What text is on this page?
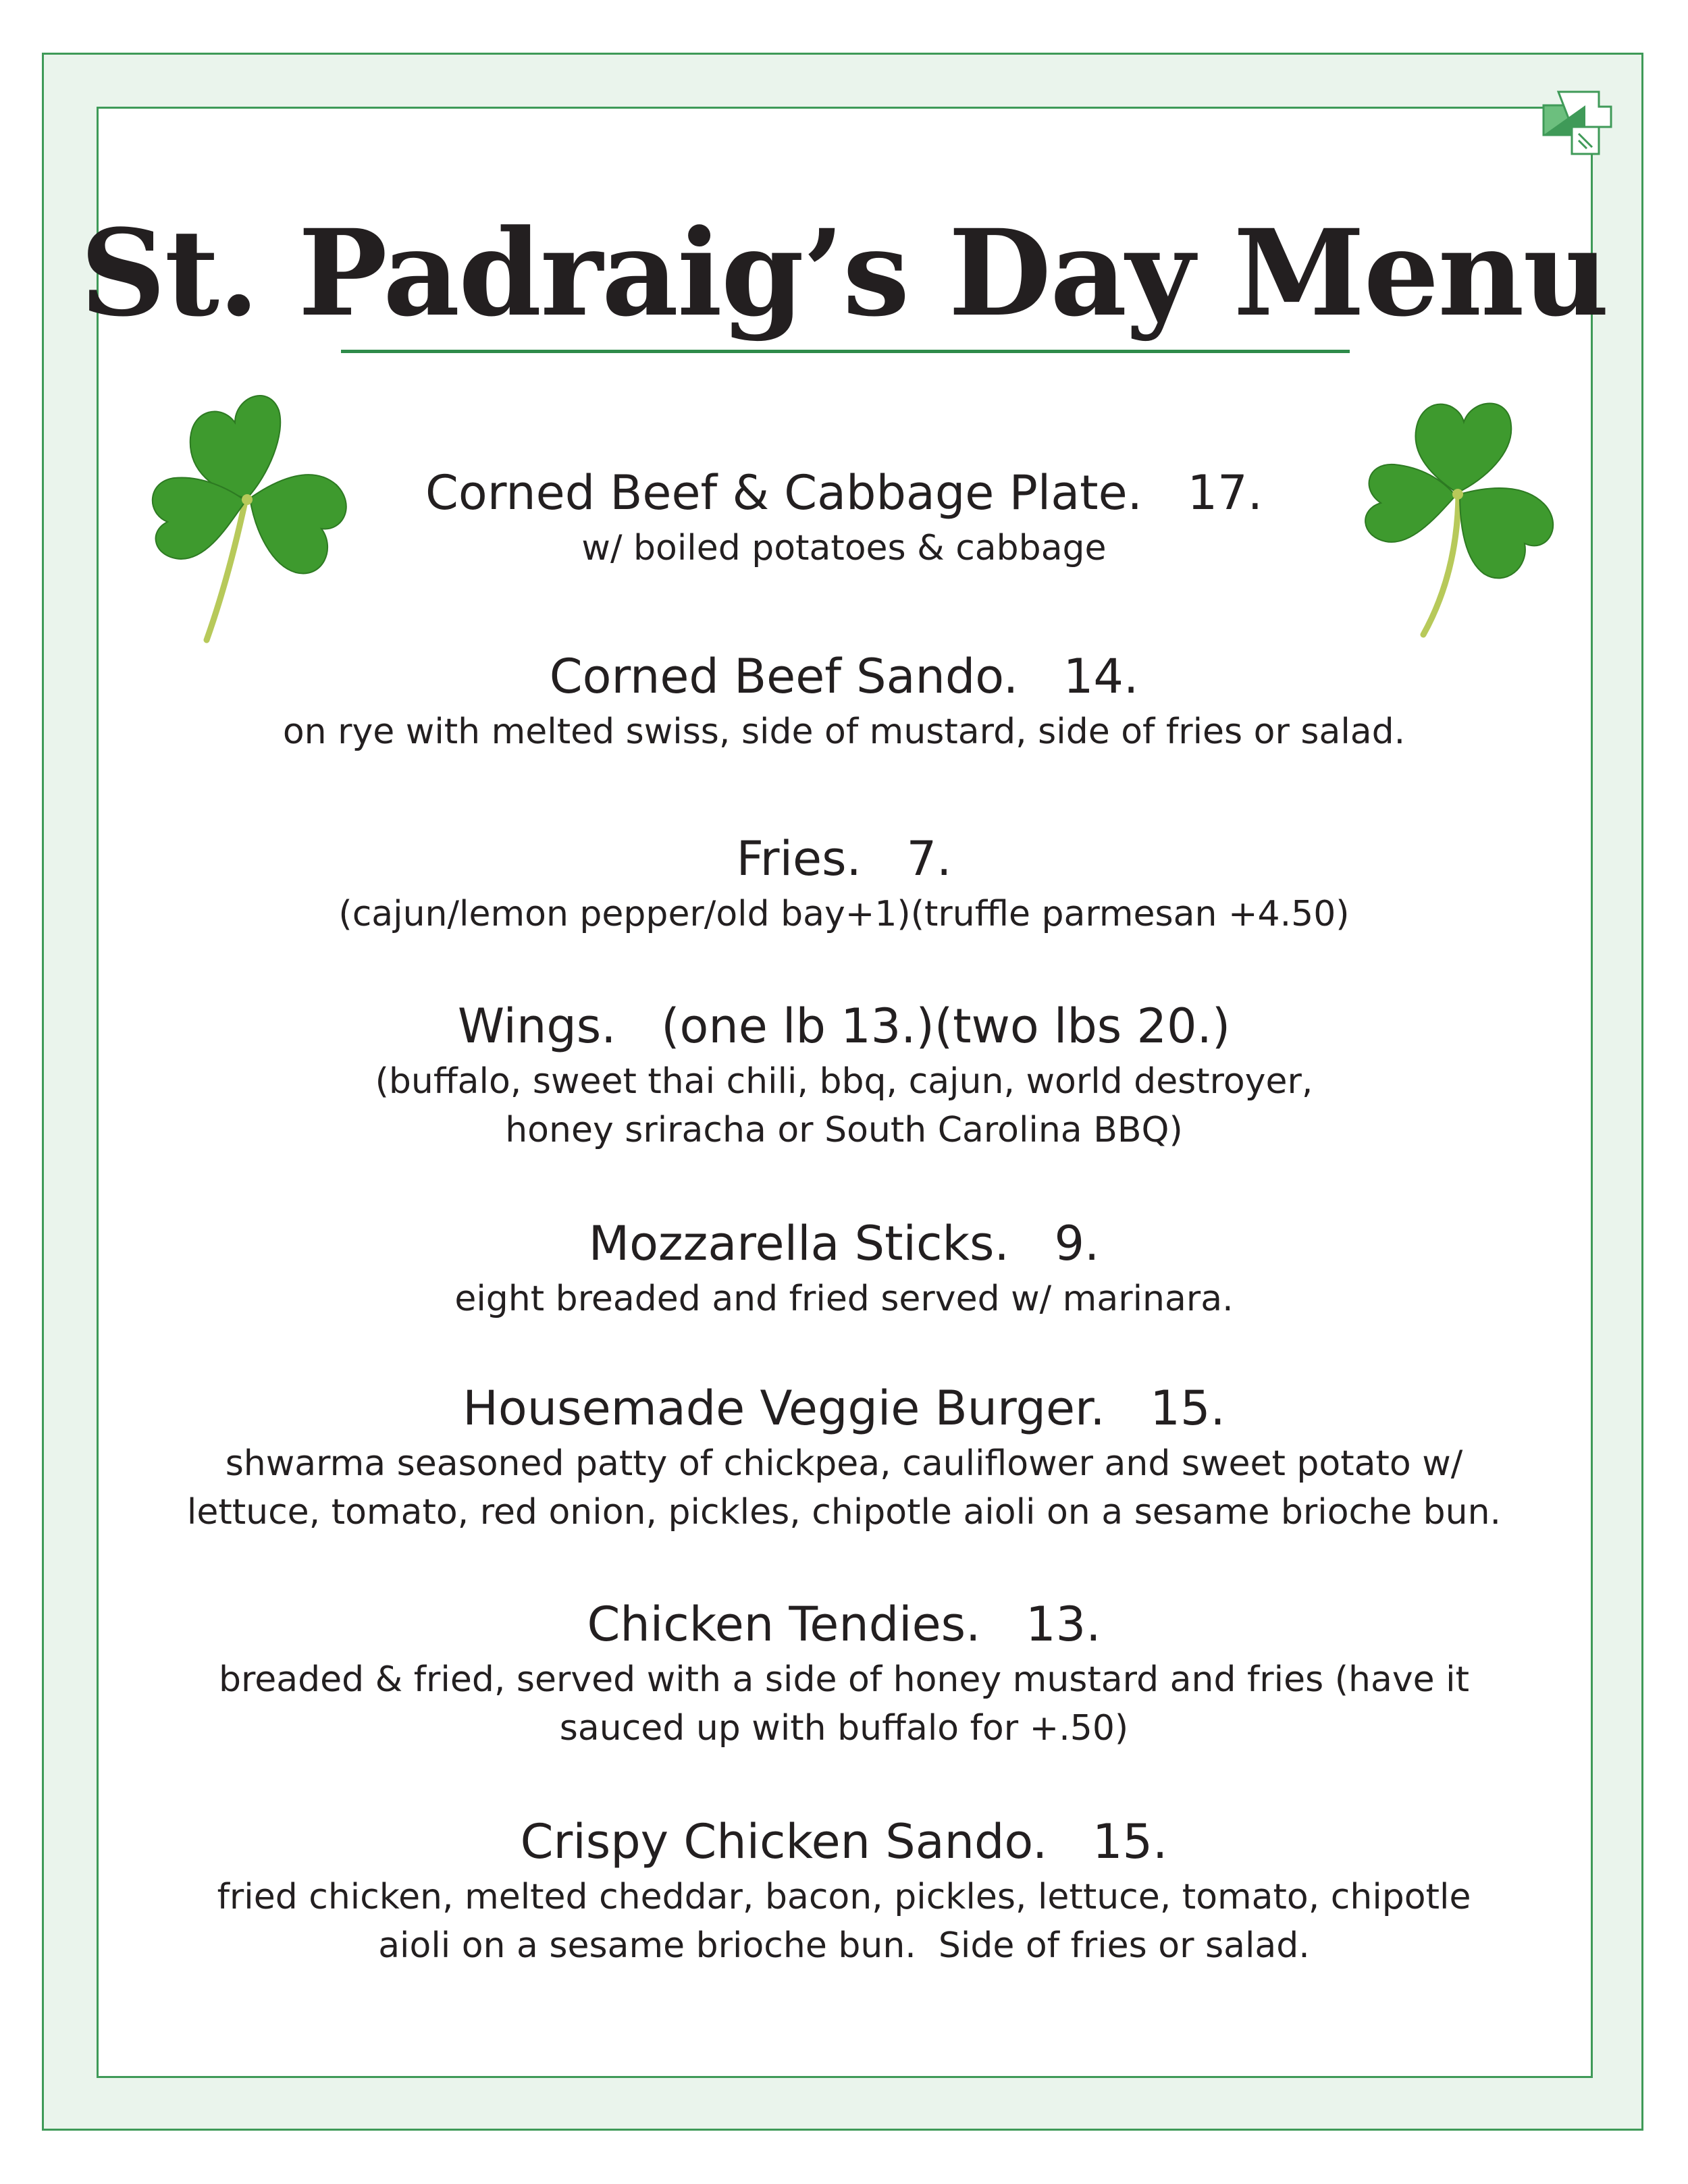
St. Padraig’s Day Menu
Corned Beef & Cabbage Plate.   17.
w/ boiled potatoes & cabbage
Corned Beef Sando.   14.
on rye with melted swiss, side of mustard, side of fries or salad.
Fries.   7.
(cajun/lemon pepper/old bay+1)(truffle parmesan +4.50)
Wings.   (one lb 13.)(two lbs 20.)
(buffalo, sweet thai chili, bbq, cajun, world destroyer,
honey sriracha or South Carolina BBQ)
Mozzarella Sticks.   9.
eight breaded and fried served w/ marinara.
Housemade Veggie Burger.   15.
shwarma seasoned patty of chickpea, cauliflower and sweet potato w/
lettuce, tomato, red onion, pickles, chipotle aioli on a sesame brioche bun.
Chicken Tendies.   13.
breaded & fried, served with a side of honey mustard and fries (have it
sauced up with buffalo for +.50)
Crispy Chicken Sando.   15.
fried chicken, melted cheddar, bacon, pickles, lettuce, tomato, chipotle
aioli on a sesame brioche bun.  Side of fries or salad.
